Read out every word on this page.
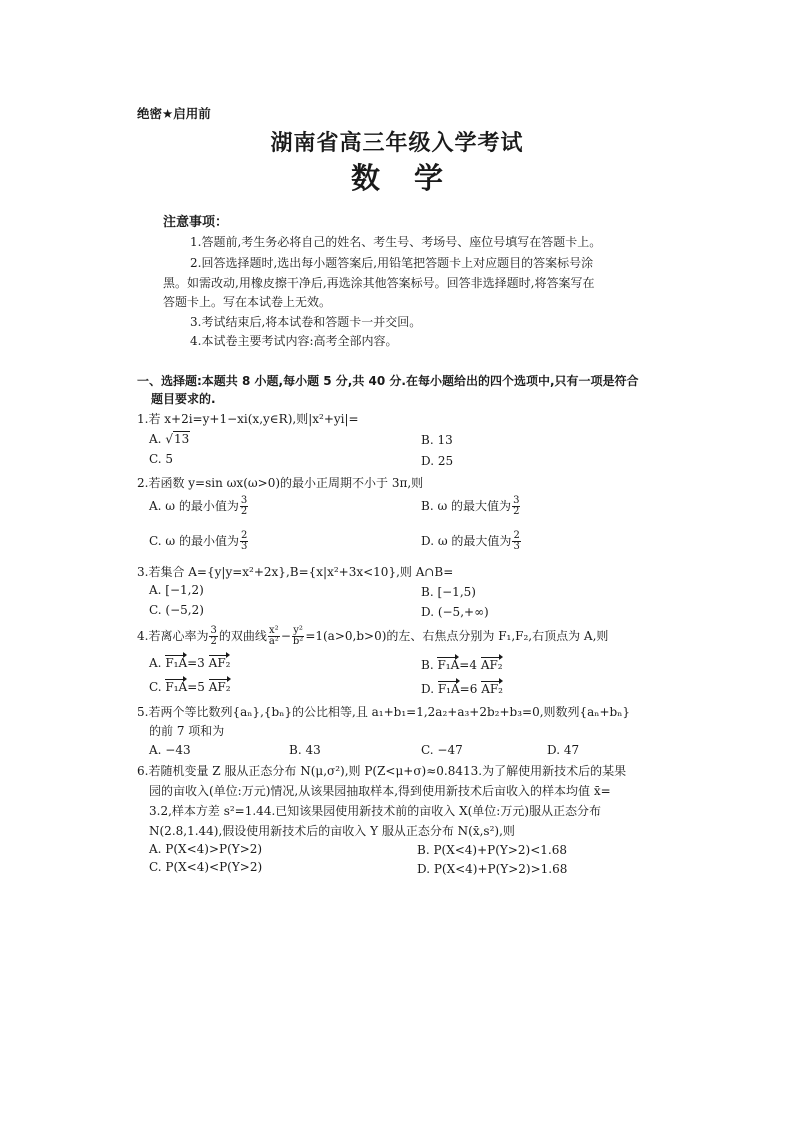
绝密★启用前
湖南省高三年级入学考试
数学
注意事项：
1.答题前,考生务必将自己的姓名、考生号、考场号、座位号填写在答题卡上。
2.回答选择题时,选出每小题答案后,用铅笔把答题卡上对应题目的答案标号涂
黑。如需改动,用橡皮擦干净后,再选涂其他答案标号。回答非选择题时,将答案写在
答题卡上。写在本试卷上无效。
3.考试结束后,将本试卷和答题卡一并交回。
4.本试卷主要考试内容:高考全部内容。
一、选择题:本题共 8 小题,每小题 5 分,共 40 分.在每小题给出的四个选项中,只有一项是符合
题目要求的.
1.若 x+2i=y+1−xi(x,y∈R),则|x²+yi|=
A. √13	B. 13
C. 5	D. 25
2.若函数 y=sin ωx(ω>0)的最小正周期不小于 3π,则
A. ω 的最小值为 $\frac{3}{2}$	B. ω 的最大值为 $\frac{3}{2}$
C. ω 的最小值为 $\frac{2}{3}$	D. ω 的最大值为 $\frac{2}{3}$
3.若集合 A={y|y=x²+2x},B={x|x²+3x<10},则 A∩B=
A. [−1,2)	B. [−1,5)
C. (−5,2)	D. (−5,+∞)
4.若离心率为 $\frac{3}{2}$ 的双曲线 $\frac{\text{x²}}{\text{a²}} - \frac{\text{y²}}{\text{b²}} =1(a>0,b>0)$的左、右焦点分别为 F₁,F₂,右顶点为 A,则
A. F₁A=3 AF₂	B. F₁A=4 AF₂
C. F₁A=5 AF₂	D. F₁A=6 AF₂
5.若两个等比数列{aₙ},{bₙ}的公比相等,且 a₁+b₁=1,2a₂+a₃+2b₂+b₃=0,则数列{aₙ+bₙ}
的前 7 项和为
A. −43	B. 43	C. −47	D. 47
6.若随机变量 Z 服从正态分布 N(μ,σ²),则 P(Z<μ+σ)≈0.8413.为了解使用新技术后的某果
园的亩收入(单位:万元)情况,从该果园抽取样本,得到使用新技术后亩收入的样本均值 x̄=
3.2,样本方差 s²=1.44.已知该果园使用新技术前的亩收入 X(单位:万元)服从正态分布
N(2.8,1.44),假设使用新技术后的亩收入 Y 服从正态分布 N(x̄,s²),则
A. P(X<4)>P(Y>2)	B. P(X<4)+P(Y>2)<1.68
C. P(X<4)<P(Y>2)	D. P(X<4)+P(Y>2)>1.68
